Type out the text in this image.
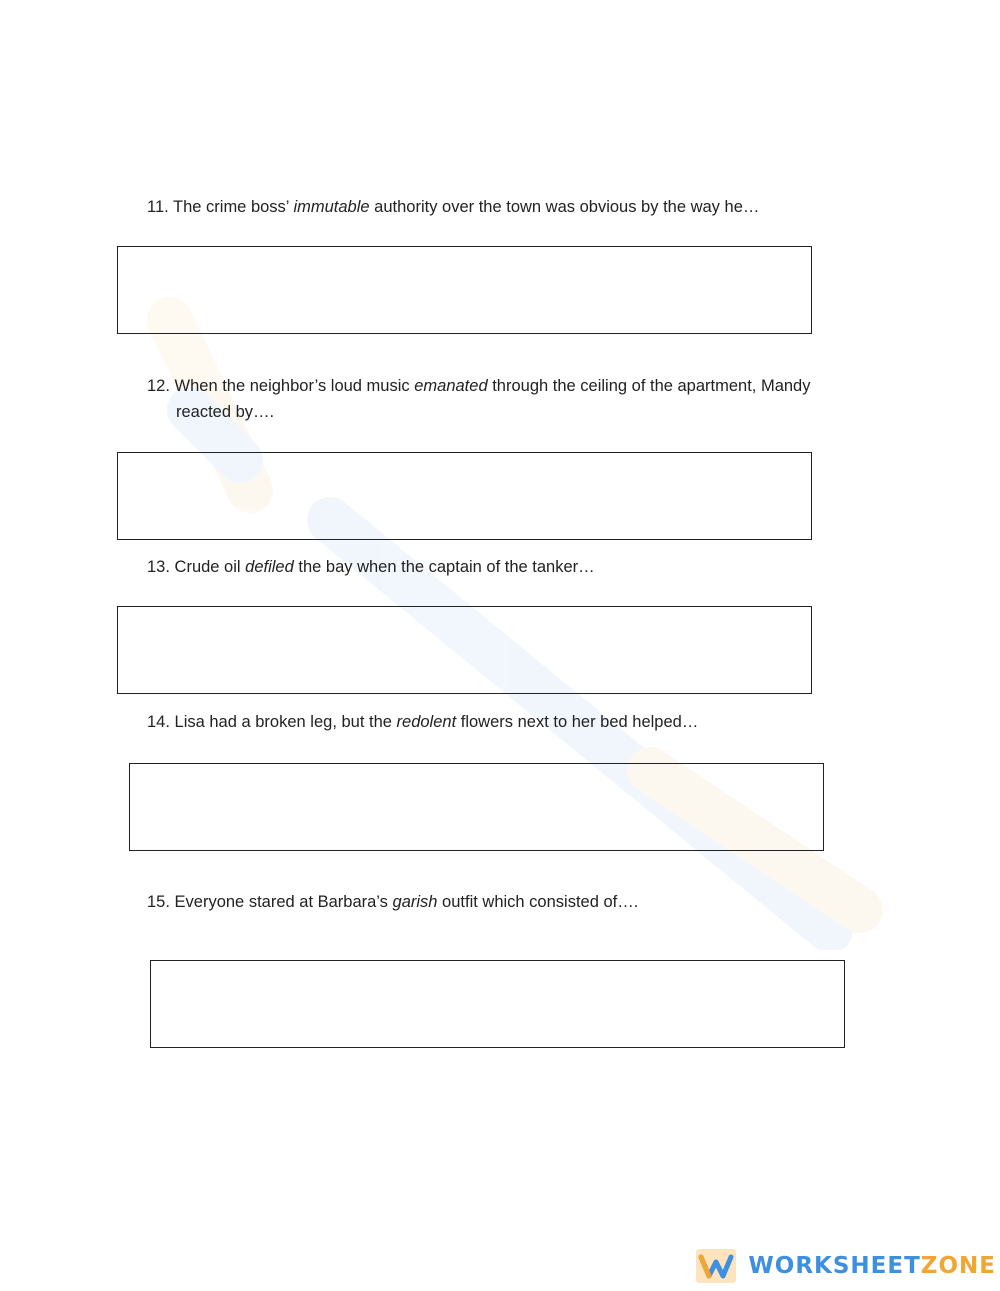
11. The crime boss’ immutable authority over the town was obvious by the way he…
12. When the neighbor’s loud music emanated through the ceiling of the apartment, Mandy
reacted by….
13. Crude oil defiled the bay when the captain of the tanker…
14. Lisa had a broken leg, but the redolent flowers next to her bed helped…
15. Everyone stared at Barbara’s garish outfit which consisted of….
WORKSHEETZONE
